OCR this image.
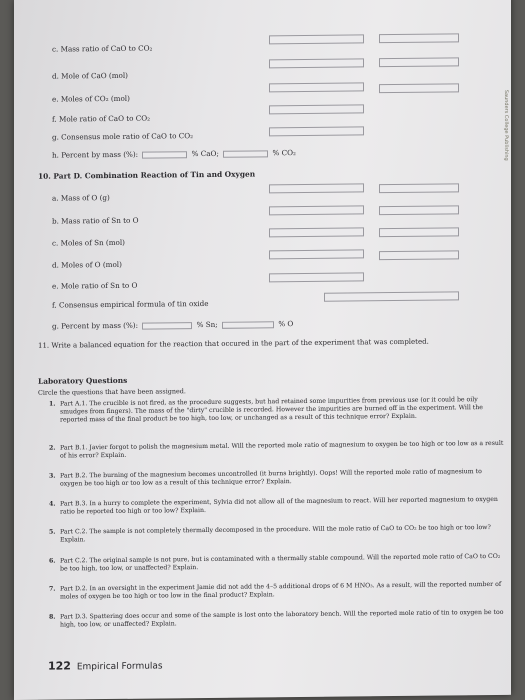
Saunders College Publishing
c. Mass ratio of CaO to CO₂
d. Mole of CaO (mol)
e. Moles of CO₂ (mol)
f. Mole ratio of CaO to CO₂
g. Consensus mole ratio of CaO to CO₂
h. Percent by mass (%):	% CaO;	% CO₂
10. Part D. Combination Reaction of Tin and Oxygen
a. Mass of O (g)
b. Mass ratio of Sn to O
c. Moles of Sn (mol)
d. Moles of O (mol)
e. Mole ratio of Sn to O
f. Consensus empirical formula of tin oxide
g. Percent by mass (%):	% Sn;	% O
11. Write a balanced equation for the reaction that occured in the part of the experiment that was completed.
Laboratory Questions
Circle the questions that have been assigned.
1. Part A.1. The crucible is not fired, as the procedure suggests, but had retained some impurities from previous use (or it could be oily smudges from fingers). The mass of the "dirty" crucible is recorded. However the impurities are burned off in the experiment. Will the reported mass of the final product be too high, too low, or unchanged as a result of this technique error? Explain.
2. Part B.1. Javier forgot to polish the magnesium metal. Will the reported mole ratio of magnesium to oxygen be too high or too low as a result of his error? Explain.
3. Part B.2. The burning of the magnesium becomes uncontrolled (it burns brightly). Oops! Will the reported mole ratio of magnesium to oxygen be too high or too low as a result of this technique error? Explain.
4. Part B.3. In a hurry to complete the experiment, Sylvia did not allow all of the magnesium to react. Will her reported magnesium to oxygen ratio be reported too high or too low? Explain.
5. Part C.2. The sample is not completely thermally decomposed in the procedure. Will the mole ratio of CaO to CO₂ be too high or too low? Explain.
6. Part C.2. The original sample is not pure, but is contaminated with a thermally stable compound. Will the reported mole ratio of CaO to CO₂ be too high, too low, or unaffected? Explain.
7. Part D.2. In an oversight in the experiment Jamie did not add the 4–5 additional drops of 6 M HNO₃. As a result, will the reported number of moles of oxygen be too high or too low in the final product? Explain.
8. Part D.3. Spattering does occur and some of the sample is lost onto the laboratory bench. Will the reported mole ratio of tin to oxygen be too high, too low, or unaffected? Explain.
122 Empirical Formulas
